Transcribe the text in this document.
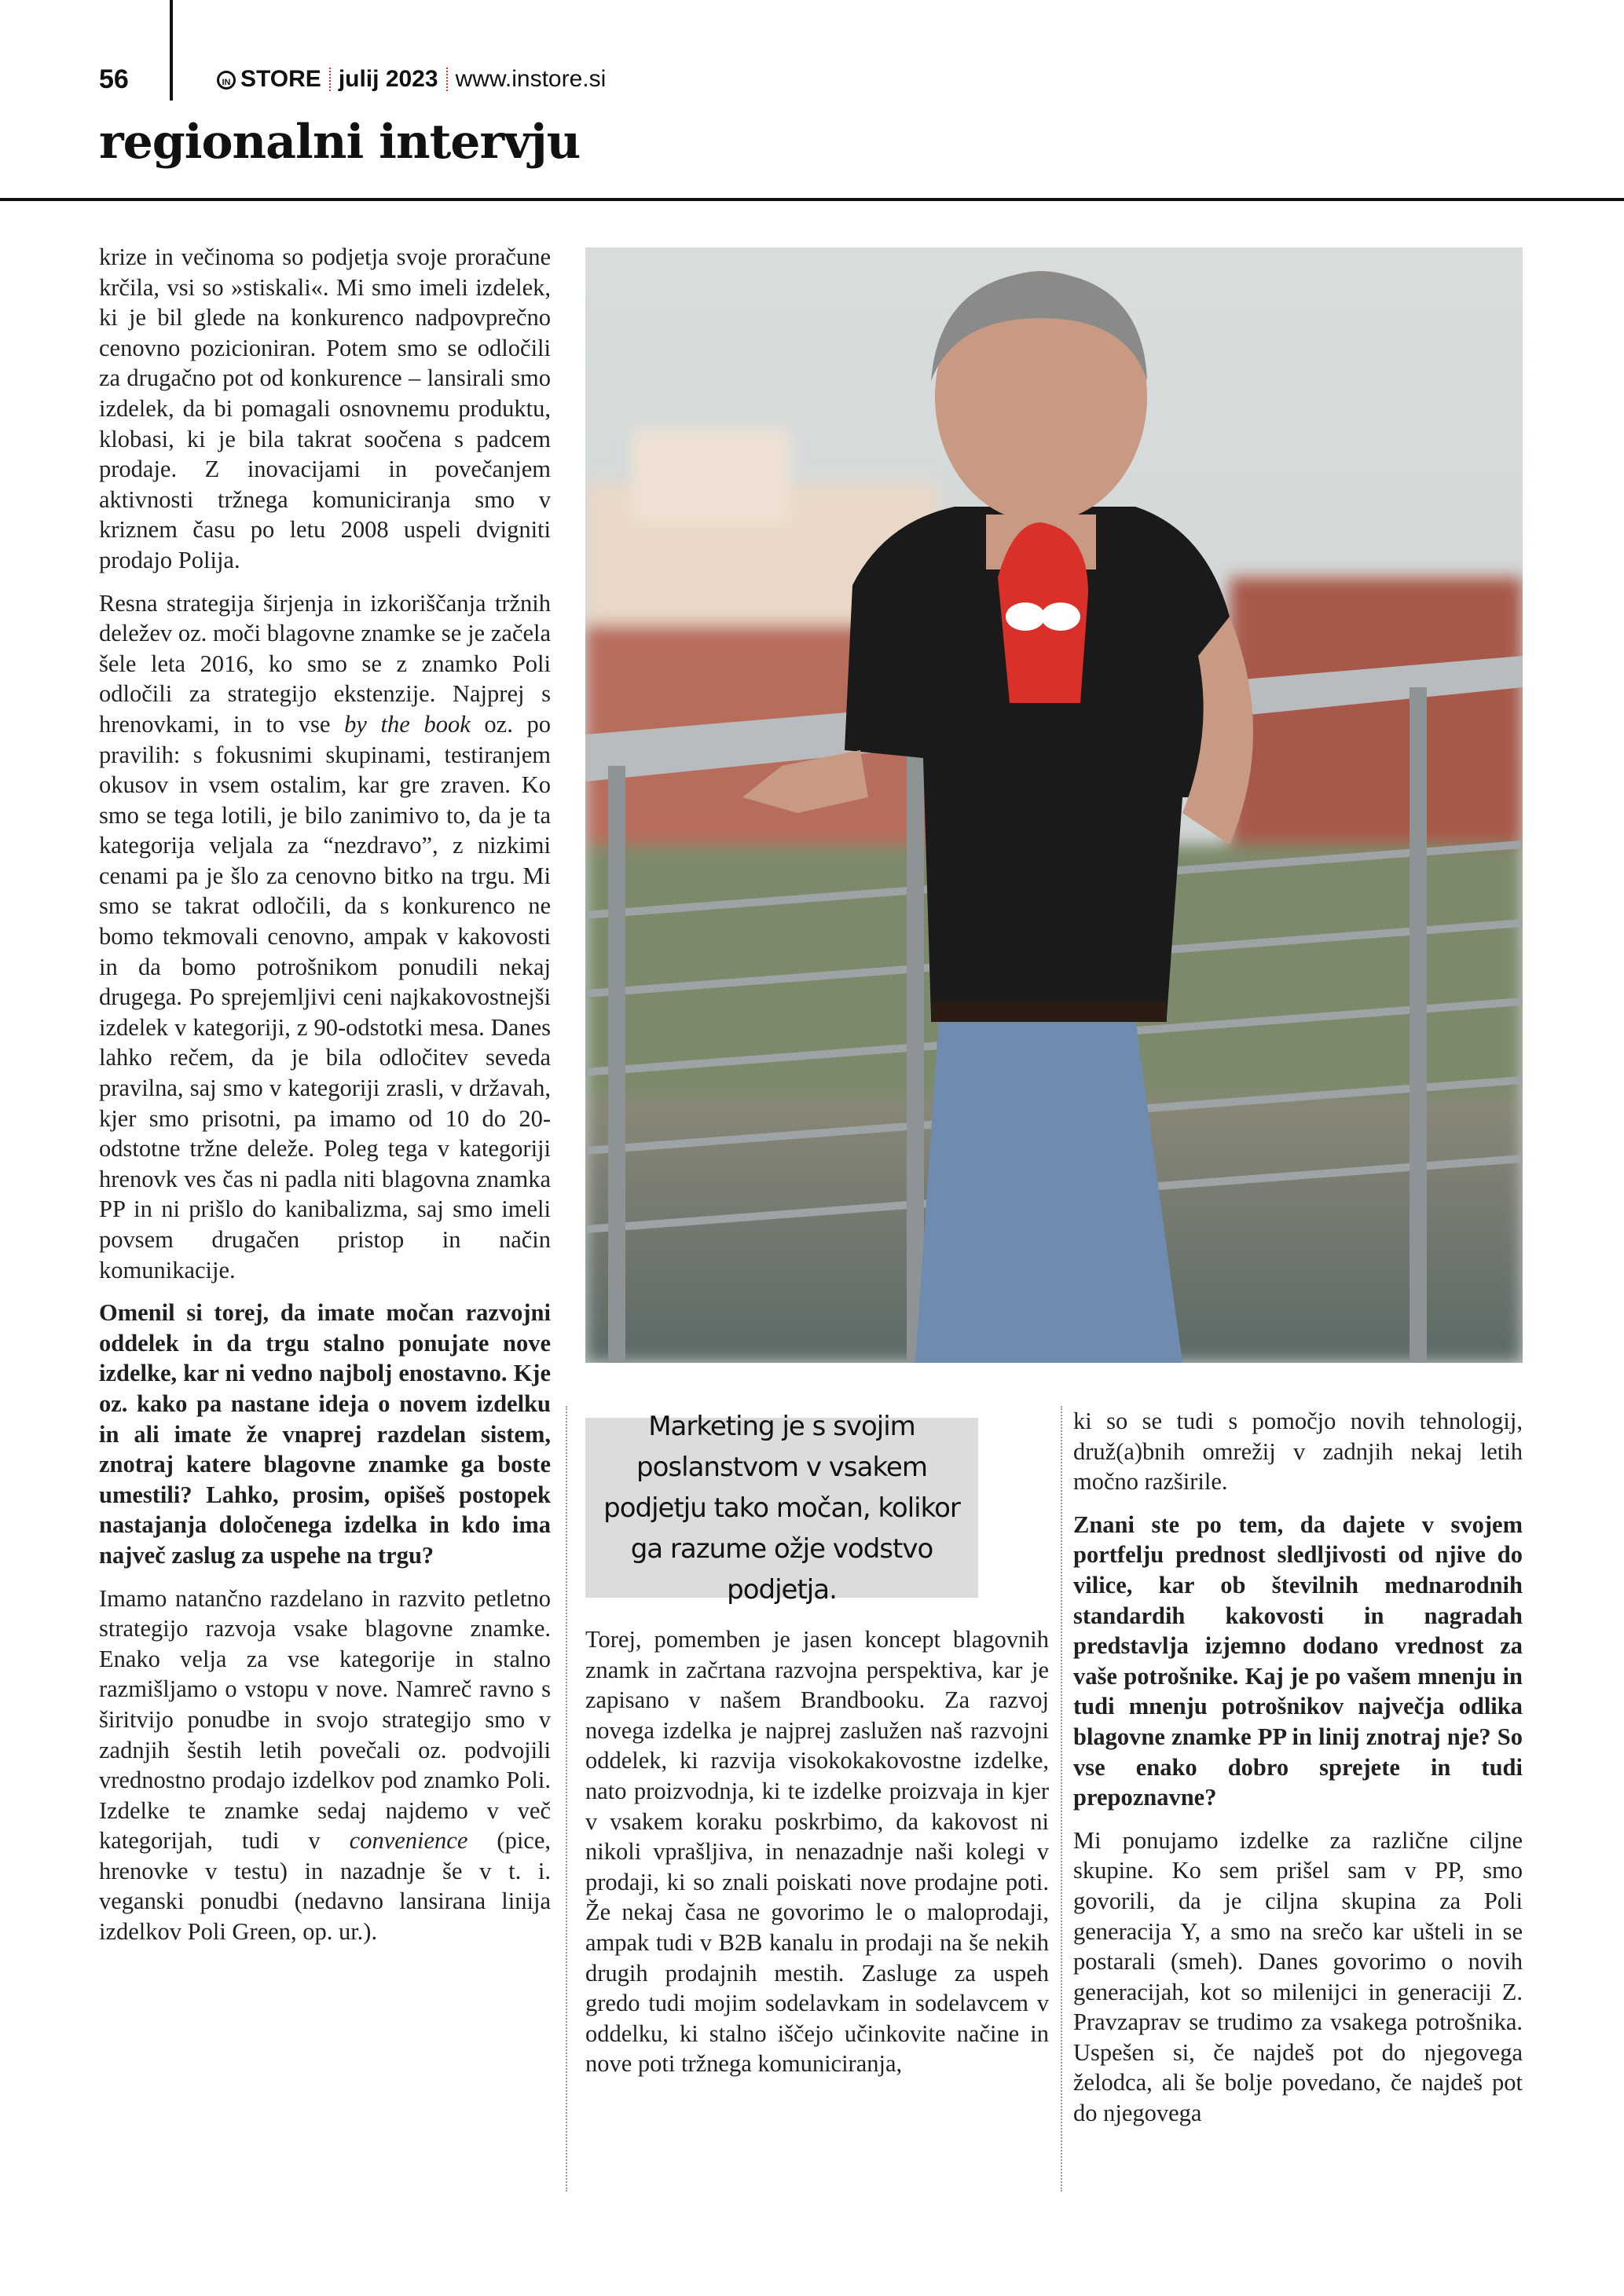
56	IN STORE julij 2023 www.instore.si
regionalni intervju

krize in večinoma so podjetja svoje proračune krčila, vsi so »stiskali«. Mi smo imeli izdelek, ki je bil glede na konkurenco nadpovprečno cenovno pozicioniran. Potem smo se odločili za drugačno pot od konkurence – lansirali smo izdelek, da bi pomagali osnovnemu produktu, klobasi, ki je bila takrat soočena s padcem prodaje. Z inovacijami in povečanjem aktivnosti tržnega komuniciranja smo v kriznem času po letu 2008 uspeli dvigniti prodajo Polija.

Resna strategija širjenja in izkoriščanja tržnih deležev oz. moči blagovne znamke se je začela šele leta 2016, ko smo se z znamko Poli odločili za strategijo ekstenzije. Najprej s hrenovkami, in to vse by the book oz. po pravilih: s fokusnimi skupinami, testiranjem okusov in vsem ostalim, kar gre zraven. Ko smo se tega lotili, je bilo zanimivo to, da je ta kategorija veljala za “nezdravo”, z nizkimi cenami pa je šlo za cenovno bitko na trgu. Mi smo se takrat odločili, da s konkurenco ne bomo tekmovali cenovno, ampak v kakovosti in da bomo potrošnikom ponudili nekaj drugega. Po sprejemljivi ceni najkakovostnejši izdelek v kategoriji, z 90-odstotki mesa. Danes lahko rečem, da je bila odločitev seveda pravilna, saj smo v kategoriji zrasli, v državah, kjer smo prisotni, pa imamo od 10 do 20-odstotne tržne deleže. Poleg tega v kategoriji hrenovk ves čas ni padla niti blagovna znamka PP in ni prišlo do kanibalizma, saj smo imeli povsem drugačen pristop in način komunikacije.

Omenil si torej, da imate močan razvojni oddelek in da trgu stalno ponujate nove izdelke, kar ni vedno najbolj enostavno. Kje oz. kako pa nastane ideja o novem izdelku in ali imate že vnaprej razdelan sistem, znotraj katere blagovne znamke ga boste umestili? Lahko, prosim, opišeš postopek nastajanja določenega izdelka in kdo ima največ zaslug za uspehe na trgu?

Imamo natančno razdelano in razvito petletno strategijo razvoja vsake blagovne znamke. Enako velja za vse kategorije in stalno razmišljamo o vstopu v nove. Namreč ravno s širitvijo ponudbe in svojo strategijo smo v zadnjih šestih letih povečali oz. podvojili vrednostno prodajo izdelkov pod znamko Poli. Izdelke te znamke sedaj najdemo v več kategorijah, tudi v convenience (pice, hrenovke v testu) in nazadnje še v t. i. veganski ponudbi (nedavno lansirana linija izdelkov Poli Green, op. ur.).

Marketing je s svojim poslanstvom v vsakem podjetju tako močan, kolikor ga razume ožje vodstvo podjetja.

Torej, pomemben je jasen koncept blagovnih znamk in začrtana razvojna perspektiva, kar je zapisano v našem Brandbooku. Za razvoj novega izdelka je najprej zaslužen naš razvojni oddelek, ki razvija visokokakovostne izdelke, nato proizvodnja, ki te izdelke proizvaja in kjer v vsakem koraku poskrbimo, da kakovost ni nikoli vprašljiva, in nenazadnje naši kolegi v prodaji, ki so znali poiskati nove prodajne poti. Že nekaj časa ne govorimo le o maloprodaji, ampak tudi v B2B kanalu in prodaji na še nekih drugih prodajnih mestih. Zasluge za uspeh gredo tudi mojim sodelavkam in sodelavcem v oddelku, ki stalno iščejo učinkovite načine in nove poti tržnega komuniciranja,

ki so se tudi s pomočjo novih tehnologij, druž(a)bnih omrežij v zadnjih nekaj letih močno razširile.

Znani ste po tem, da dajete v svojem portfelju prednost sledljivosti od njive do vilice, kar ob številnih mednarodnih standardih kakovosti in nagradah predstavlja izjemno dodano vrednost za vaše potrošnike. Kaj je po vašem mnenju in tudi mnenju potrošnikov največja odlika blagovne znamke PP in linij znotraj nje? So vse enako dobro sprejete in tudi prepoznavne?

Mi ponujamo izdelke za različne ciljne skupine. Ko sem prišel sam v PP, smo govorili, da je ciljna skupina za Poli generacija Y, a smo na srečo kar ušteli in se postarali (smeh). Danes govorimo o novih generacijah, kot so milenijci in generaciji Z. Pravzaprav se trudimo za vsakega potrošnika. Uspešen si, če najdeš pot do njegovega želodca, ali še bolje povedano, če najdeš pot do njegovega
